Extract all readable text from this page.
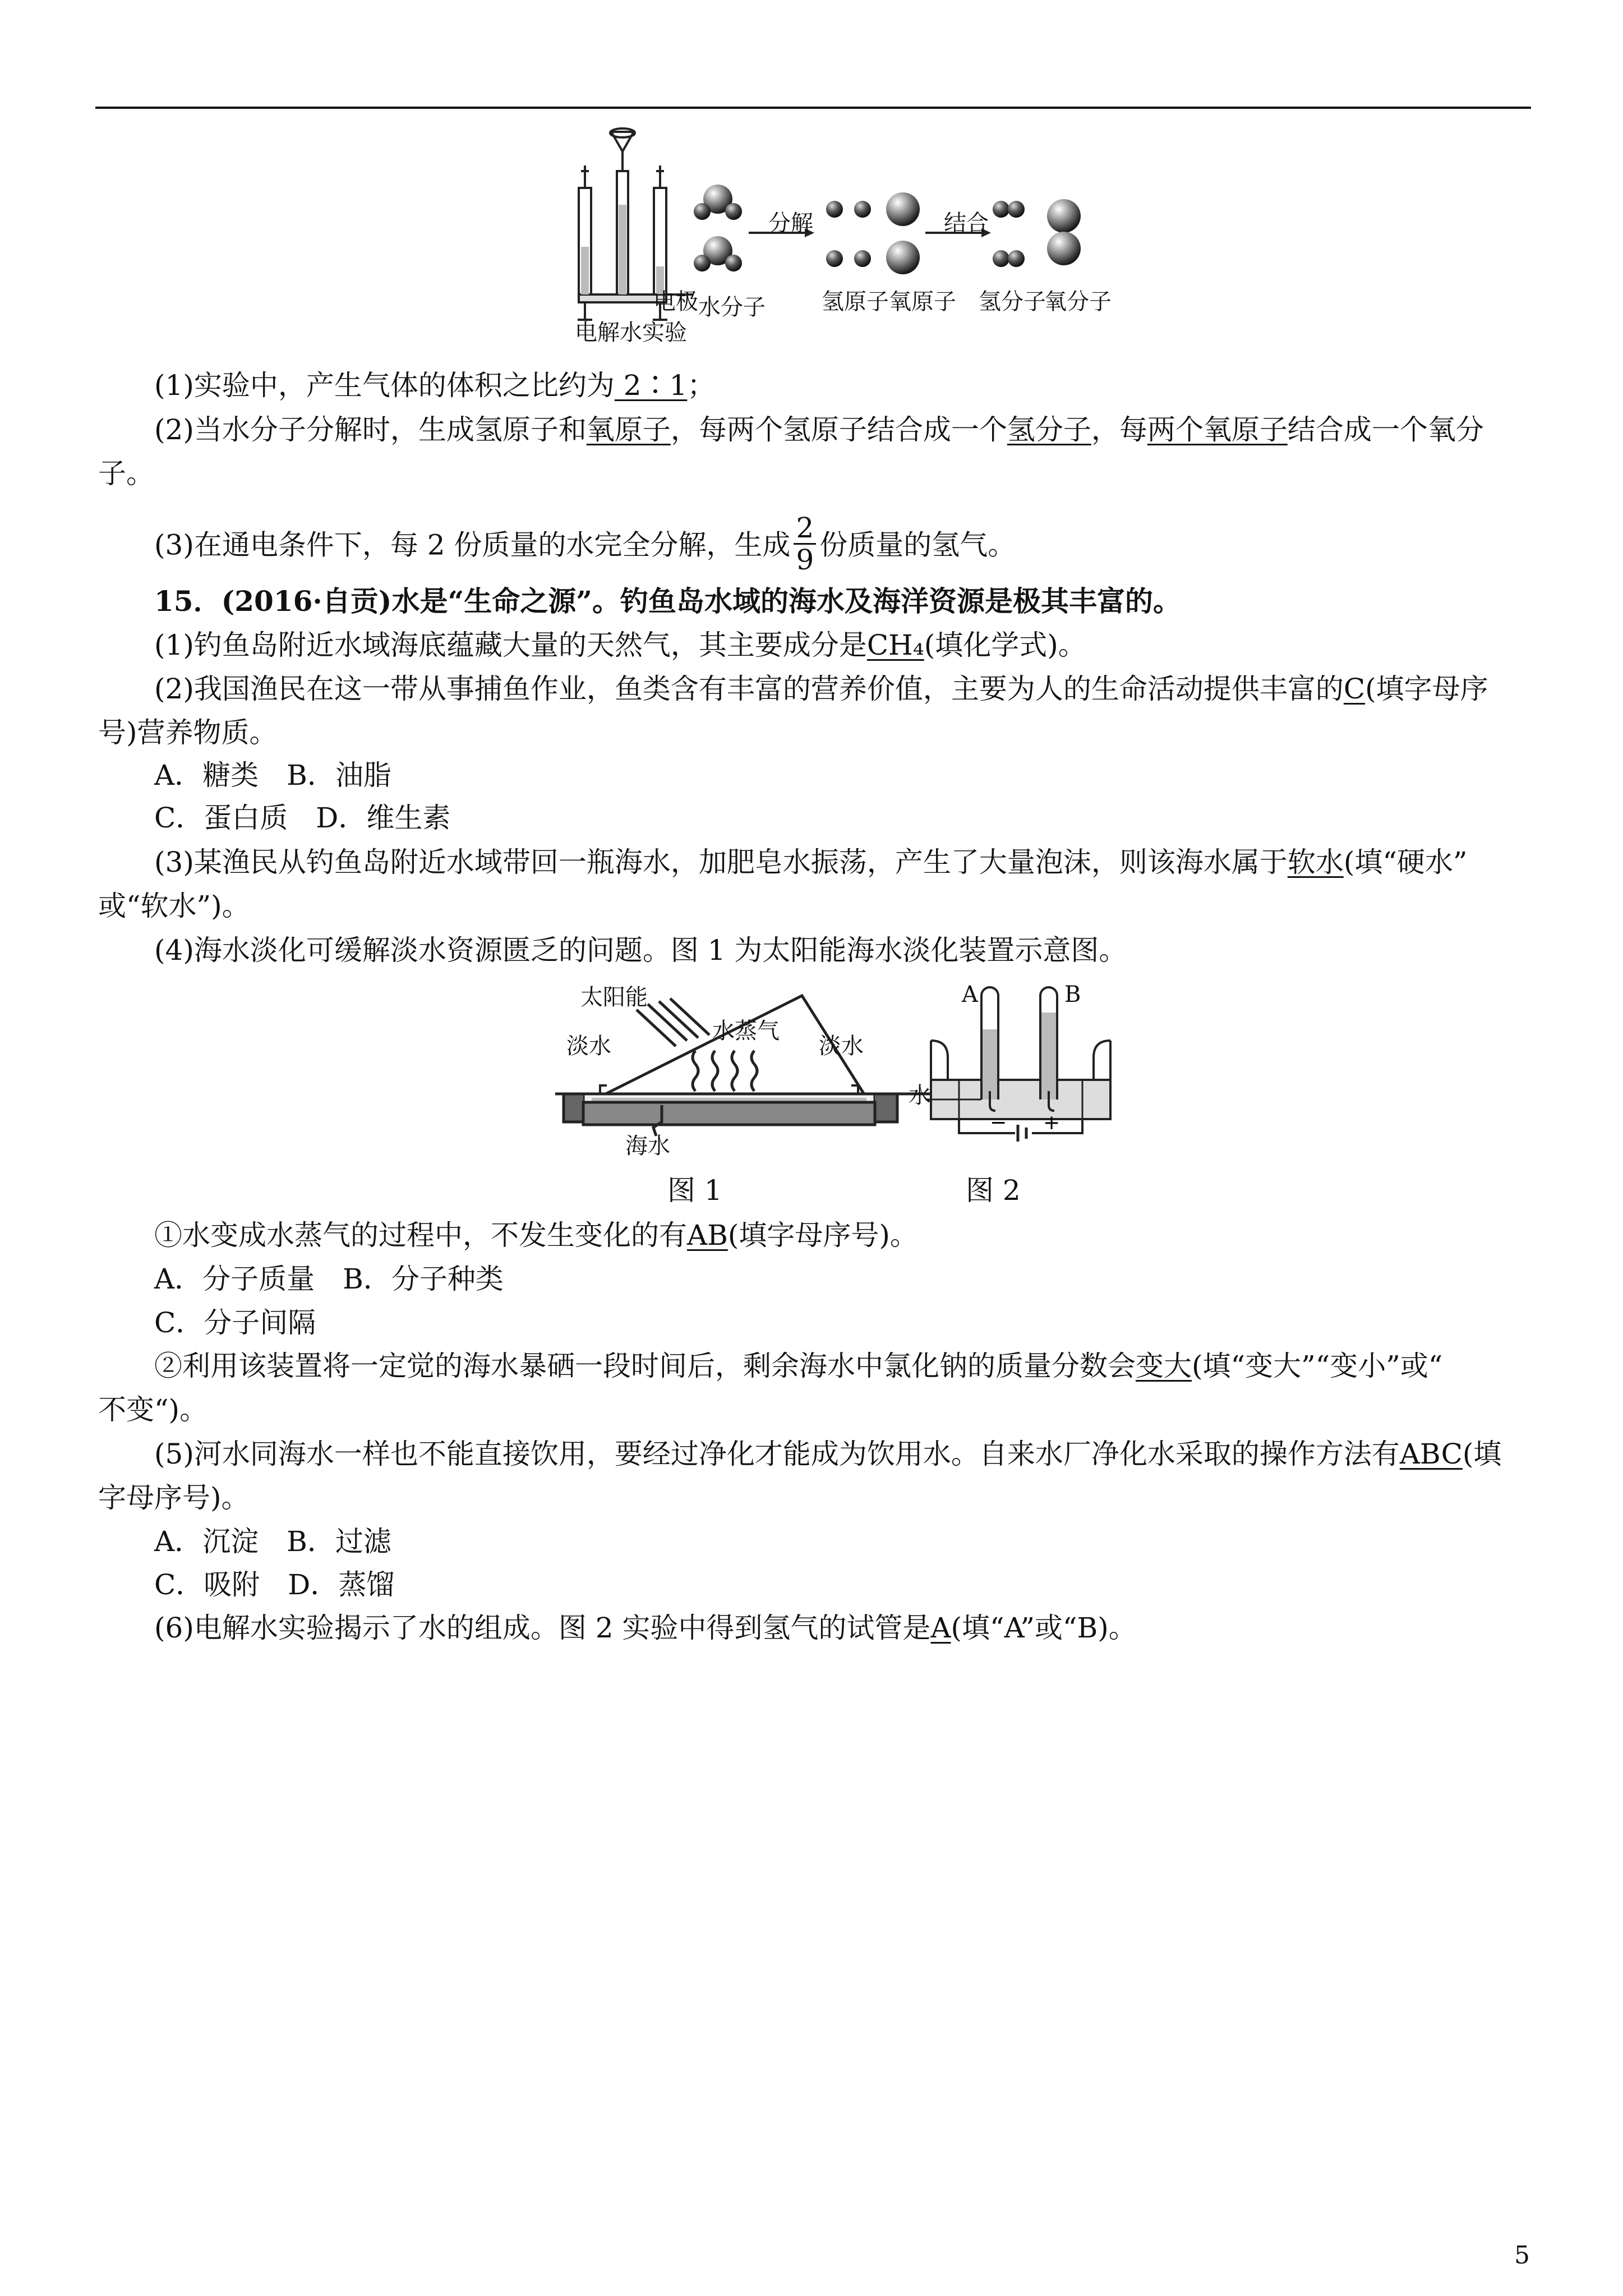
电极
电解水实验
水分子
分解	结合
氢原子 氧原子 氢分子
氧分子
(1)实验中，产生气体的体积之比约为 2∶1；
(2)当水分子分解时，生成氢原子和氧原子，每两个氢原子结合成一个氢分子，每两个氧原子结合成一个氧分
子。
(3)在通电条件下，每 2 份质量的水完全分解，生成 $\frac{2}{9}$ 份质量的氢气。
15．(2016·自贡)水是“生命之源”。钓鱼岛水域的海水及海洋资源是极其丰富的。
(1)钓鱼岛附近水域海底蕴藏大量的天然气，其主要成分是CH₄(填化学式)。
(2)我国渔民在这一带从事捕鱼作业，鱼类含有丰富的营养价值，主要为人的生命活动提供丰富的C(填字母序
号)营养物质。
A．糖类　B．油脂
C．蛋白质　D．维生素
(3)某渔民从钓鱼岛附近水域带回一瓶海水，加肥皂水振荡，产生了大量泡沫，则该海水属于软水(填“硬水”
或“软水”)。
(4)海水淡化可缓解淡水资源匮乏的问题。图 1 为太阳能海水淡化装置示意图。
太阳能
淡水
水蒸气
淡水
海水
图 1
− +
A	B
水
图 2
①水变成水蒸气的过程中，不发生变化的有AB(填字母序号)。
A．分子质量　B．分子种类
C．分子间隔
②利用该装置将一定觉的海水暴硒一段时间后，剩余海水中氯化钠的质量分数会变大(填“变大”“变小”或“
不变“)。
(5)河水同海水一样也不能直接饮用，要经过净化才能成为饮用水。自来水厂净化水采取的操作方法有ABC(填
字母序号)。
A．沉淀　B．过滤
C．吸附　D．蒸馏
(6)电解水实验揭示了水的组成。图 2 实验中得到氢气的试管是A(填“A”或“B)。
5
